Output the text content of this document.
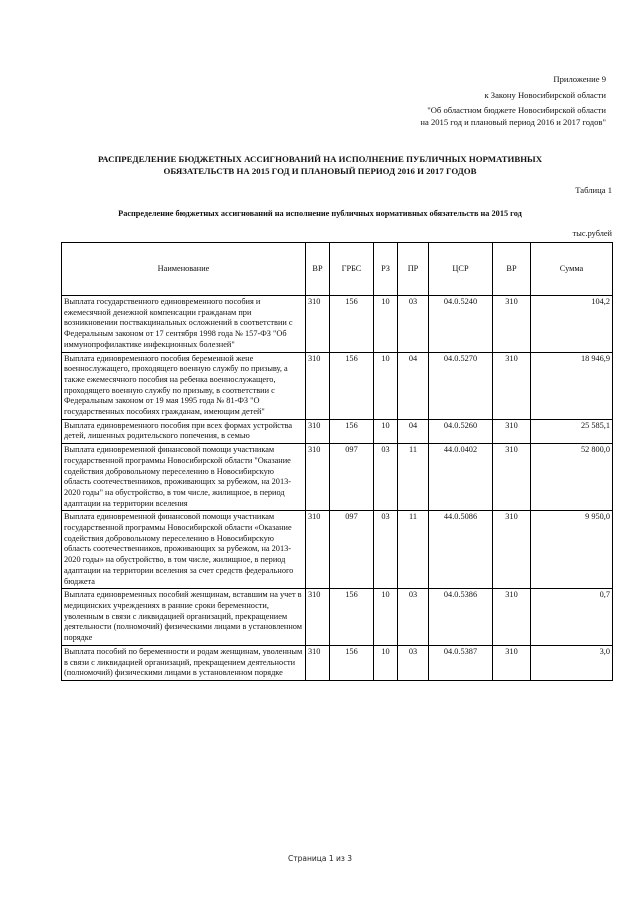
Приложение 9
к Закону Новосибирской области
"Об областном бюджете Новосибирской области
на 2015 год и плановый период 2016 и 2017 годов"
РАСПРЕДЕЛЕНИЕ БЮДЖЕТНЫХ АССИГНОВАНИЙ НА ИСПОЛНЕНИЕ ПУБЛИЧНЫХ НОРМАТИВНЫХ
ОБЯЗАТЕЛЬСТВ НА 2015 ГОД И ПЛАНОВЫЙ ПЕРИОД 2016 И 2017 ГОДОВ
Таблица 1
Распределение бюджетных ассигнований на исполнение публичных нормативных обязательств на 2015 год
тыс.рублей
Наименование	ВР	ГРБС	РЗ	ПР	ЦСР	ВР	Сумма
Выплата государственного единовременного пособия и ежемесячной денежной компенсации гражданам при возникновении поствакцинальных осложнений в соответствии с Федеральным законом от 17 сентября 1998 года № 157-ФЗ "Об иммунопрофилактике инфекционных болезней"	310	156	10	03	04.0.5240	310	104,2
Выплата единовременного пособия беременной жене военнослужащего, проходящего военную службу по призыву, а также ежемесячного пособия на ребенка военнослужащего, проходящего военную службу по призыву, в соответствии с Федеральным законом от 19 мая 1995 года № 81-ФЗ "О государственных пособиях гражданам, имеющим детей"	310	156	10	04	04.0.5270	310	18 946,9
Выплата единовременного пособия при всех формах устройства детей, лишенных родительского попечения, в семью	310	156	10	04	04.0.5260	310	25 585,1
Выплата единовременной финансовой помощи участникам государственной программы Новосибирской области "Оказание содействия добровольному переселению в Новосибирскую область соотечественников, проживающих за рубежом, на 2013-2020 годы" на обустройство, в том числе, жилищное, в период адаптации на территории вселения	310	097	03	11	44.0.0402	310	52 800,0
Выплата единовременной финансовой помощи участникам государственной программы Новосибирской области «Оказание содействия добровольному переселению в Новосибирскую область соотечественников, проживающих за рубежом, на 2013-2020 годы» на обустройство, в том числе, жилищное, в период адаптации на территории вселения за счет средств федерального бюджета	310	097	03	11	44.0.5086	310	9 950,0
Выплата единовременных пособий женщинам, вставшим на учет в медицинских учреждениях в ранние сроки беременности, уволенным в связи с ликвидацией организаций, прекращением деятельности (полномочий) физическими лицами в установленном порядке	310	156	10	03	04.0.5386	310	0,7
Выплата пособий по беременности и родам женщинам, уволенным в связи с ликвидацией организаций, прекращением деятельности (полномочий) физическими лицами в установленном порядке	310	156	10	03	04.0.5387	310	3,0
Страница 1 из 3
